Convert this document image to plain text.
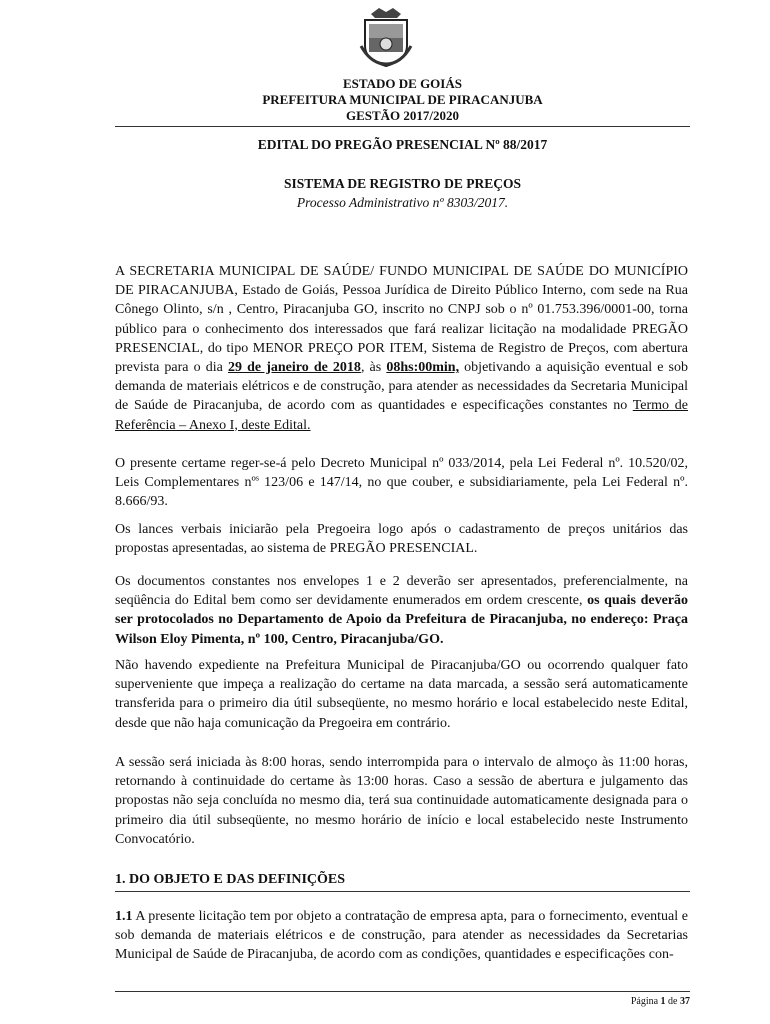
ESTADO DE GOIÁS
PREFEITURA MUNICIPAL DE PIRACANJUBA
GESTÃO 2017/2020
EDITAL DO PREGÃO PRESENCIAL Nº 88/2017
SISTEMA DE REGISTRO DE PREÇOS
Processo Administrativo nº 8303/2017.

A SECRETARIA MUNICIPAL DE SAÚDE/ FUNDO MUNICIPAL DE SAÚDE DO MUNICÍPIO DE PIRACANJUBA, Estado de Goiás, Pessoa Jurídica de Direito Público Interno, com sede na Rua Cônego Olinto, s/n , Centro, Piracanjuba GO, inscrito no CNPJ sob o nº 01.753.396/0001-00, torna público para o conhecimento dos interessados que fará realizar licitação na modalidade PREGÃO PRESENCIAL, do tipo MENOR PREÇO POR ITEM, Sistema de Registro de Preços, com abertura prevista para o dia 29 de janeiro de 2018, às 08hs:00min, objetivando a aquisição eventual e sob demanda de materiais elétricos e de construção, para atender as necessidades da Secretaria Municipal de Saúde de Piracanjuba, de acordo com as quantidades e especificações constantes no Termo de Referência – Anexo I, deste Edital.

O presente certame reger-se-á pelo Decreto Municipal nº 033/2014, pela Lei Federal nº. 10.520/02, Leis Complementares nº$^s$ 123/06 e 147/14, no que couber, e subsidiariamente, pela Lei Federal nº. 8.666/93.

Os lances verbais iniciarão pela Pregoeira logo após o cadastramento de preços unitários das propostas apresentadas, ao sistema de PREGÃO PRESENCIAL.

Os documentos constantes nos envelopes 1 e 2 deverão ser apresentados, preferencialmente, na seqüência do Edital bem como ser devidamente enumerados em ordem crescente, os quais deverão ser protocolados no Departamento de Apoio da Prefeitura de Piracanjuba, no endereço: Praça Wilson Eloy Pimenta, nº 100, Centro, Piracanjuba/GO.

Não havendo expediente na Prefeitura Municipal de Piracanjuba/GO ou ocorrendo qualquer fato superveniente que impeça a realização do certame na data marcada, a sessão será automaticamente transferida para o primeiro dia útil subseqüente, no mesmo horário e local estabelecido neste Edital, desde que não haja comunicação da Pregoeira em contrário.

A sessão será iniciada às 8:00 horas, sendo interrompida para o intervalo de almoço às 11:00 horas, retornando à continuidade do certame às 13:00 horas. Caso a sessão de abertura e julgamento das propostas não seja concluída no mesmo dia, terá sua continuidade automaticamente designada para o primeiro dia útil subseqüente, no mesmo horário de início e local estabelecido neste Instrumento Convocatório.

1. DO OBJETO E DAS DEFINIÇÕES

1.1 A presente licitação tem por objeto a contratação de empresa apta, para o fornecimento, eventual e sob demanda de materiais elétricos e de construção, para atender as necessidades da Secretarias Municipal de Saúde de Piracanjuba, de acordo com as condições, quantidades e especificações con-

Página 1 de 37
